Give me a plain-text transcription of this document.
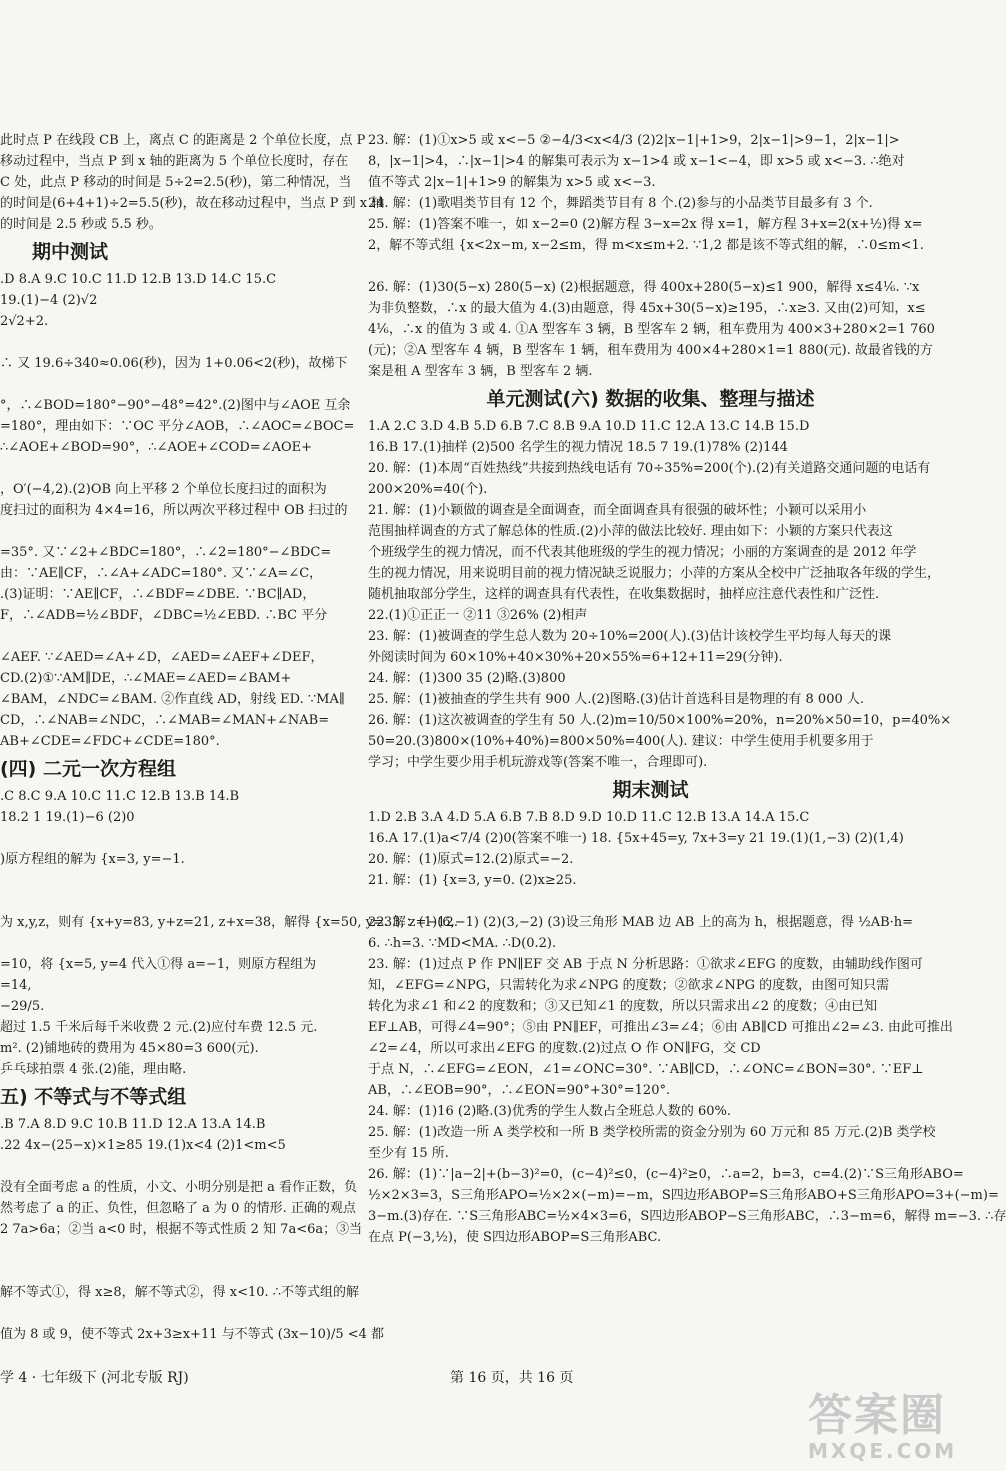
此时点 P 在线段 CB 上，离点 C 的距离是 2 个单位长度，点 P
移动过程中，当点 P 到 x 轴的距离为 5 个单位长度时，存在
C 处，此点 P 移动的时间是 5÷2=2.5(秒)，第二种情况，当
的时间是(6+4+1)÷2=5.5(秒)，故在移动过程中，当点 P 到 x 轴
的时间是 2.5 秒或 5.5 秒。
期中测试
.D 8.A 9.C 10.C 11.D 12.B 13.D 14.C 15.C
19.(1)−4 (2)√2
2√2+2.

∴ 又 19.6÷340≈0.06(秒)，因为 1+0.06<2(秒)，故梯下

°，∴∠BOD=180°−90°−48°=42°.(2)图中与∠AOE 互余
=180°，理由如下：∵OC 平分∠AOB，∴∠AOC=∠BOC=
∴∠AOE+∠BOD=90°，∴∠AOE+∠COD=∠AOE+

，O′(−4,2).(2)OB 向上平移 2 个单位长度扫过的面积为
度扫过的面积为 4×4=16，所以两次平移过程中 OB 扫过的

=35°. 又∵∠2+∠BDC=180°，∴∠2=180°−∠BDC=
由：∵AE∥CF，∴∠A+∠ADC=180°. 又∵∠A=∠C，
.(3)证明：∵AE∥CF，∴∠BDF=∠DBE. ∵BC∥AD，
F，∴∠ADB=½∠BDF，∠DBC=½∠EBD. ∴BC 平分

∠AEF. ∵∠AED=∠A+∠D，∠AED=∠AEF+∠DEF，
CD.(2)①∵AM∥DE，∴∠MAE=∠AED=∠BAM+
∠BAM，∠NDC=∠BAM. ②作直线 AD，射线 ED. ∵MA∥
CD，∴∠NAB=∠NDC，∴∠MAB=∠MAN+∠NAB=
AB+∠CDE=∠FDC+∠CDE=180°.
(四) 二元一次方程组
.C 8.C 9.A 10.C 11.C 12.B 13.B 14.B
18.2 1 19.(1)−6 (2)0

)原方程组的解为 {x=3, y=−1.

为 x,y,z，则有 {x+y=83, y+z=21, z+x=38，解得 {x=50, y=33, z=−12.

=10，将 {x=5, y=4 代入①得 a=−1，则原方程组为
=14,
−29/5.
超过 1.5 千米后每千米收费 2 元.(2)应付车费 12.5 元.
m². (2)铺地砖的费用为 45×80=3 600(元).
乒乓球拍票 4 张.(2)能，理由略.
五) 不等式与不等式组
.B 7.A 8.D 9.C 10.B 11.D 12.A 13.A 14.B
.22 4x−(25−x)×1≥85 19.(1)x<4 (2)1<m<5

没有全面考虑 a 的性质，小文、小明分别是把 a 看作正数，负
然考虑了 a 的正、负性，但忽略了 a 为 0 的情形. 正确的观点
2 7a>6a；②当 a<0 时，根据不等式性质 2 知 7a<6a；③当

解不等式①，得 x≥8，解不等式②，得 x<10. ∴不等式组的解

值为 8 或 9，使不等式 2x+3≥x+11 与不等式 (3x−10)/5 <4 都
23. 解：(1)①x>5 或 x<−5 ②−4/3<x<4/3 (2)2|x−1|+1>9，2|x−1|>9−1，2|x−1|>
8，|x−1|>4，∴|x−1|>4 的解集可表示为 x−1>4 或 x−1<−4，即 x>5 或 x<−3. ∴绝对
值不等式 2|x−1|+1>9 的解集为 x>5 或 x<−3.
24. 解：(1)歌唱类节目有 12 个，舞蹈类节目有 8 个.(2)参与的小品类节目最多有 3 个.
25. 解：(1)答案不唯一，如 x−2=0 (2)解方程 3−x=2x 得 x=1，解方程 3+x=2(x+½)得 x=
2，解不等式组 {x<2x−m, x−2≤m，得 m<x≤m+2. ∵1,2 都是该不等式组的解，∴0≤m<1.

26. 解：(1)30(5−x) 280(5−x) (2)根据题意，得 400x+280(5−x)≤1 900，解得 x≤4⅙. ∵x
为非负整数，∴x 的最大值为 4.(3)由题意，得 45x+30(5−x)≥195，∴x≥3. 又由(2)可知，x≤
4⅙，∴x 的值为 3 或 4. ①A 型客车 3 辆，B 型客车 2 辆，租车费用为 400×3+280×2=1 760
(元)；②A 型客车 4 辆，B 型客车 1 辆，租车费用为 400×4+280×1=1 880(元). 故最省钱的方
案是租 A 型客车 3 辆，B 型客车 2 辆.
单元测试(六) 数据的收集、整理与描述
1.A 2.C 3.D 4.B 5.D 6.B 7.C 8.B 9.A 10.D 11.C 12.A 13.C 14.B 15.D
16.B 17.(1)抽样 (2)500 名学生的视力情况 18.5 7 19.(1)78% (2)144
20. 解：(1)本周“百姓热线”共接到热线电话有 70÷35%=200(个).(2)有关道路交通问题的电话有
200×20%=40(个).
21. 解：(1)小颖做的调查是全面调查，而全面调查具有很强的破坏性；小颖可以采用小
范围抽样调查的方式了解总体的性质.(2)小萍的做法比较好. 理由如下：小颖的方案只代表这
个班级学生的视力情况，而不代表其他班级的学生的视力情况；小丽的方案调查的是 2012 年学
生的视力情况，用来说明目前的视力情况缺乏说服力；小萍的方案从全校中广泛抽取各年级的学生，
随机抽取部分学生，这样的调查具有代表性，在收集数据时，抽样应注意代表性和广泛性.
22.(1)①正正一 ②11 ③26% (2)相声
23. 解：(1)被调查的学生总人数为 20÷10%=200(人).(3)估计该校学生平均每人每天的课
外阅读时间为 60×10%+40×30%+20×55%=6+12+11=29(分钟).
24. 解：(1)300 35 (2)略.(3)800
25. 解：(1)被抽查的学生共有 900 人.(2)图略.(3)估计首选科目是物理的有 8 000 人.
26. 解：(1)这次被调查的学生有 50 人.(2)m=10/50×100%=20%，n=20%×50=10，p=40%×
50=20.(3)800×(10%+40%)=800×50%=400(人). 建议：中学生使用手机要多用于
学习；中学生要少用手机玩游戏等(答案不唯一，合理即可).
期末测试
1.D 2.B 3.A 4.D 5.A 6.B 7.B 8.D 9.D 10.D 11.C 12.B 13.A 14.A 15.C
16.A 17.(1)a<7/4 (2)0(答案不唯一) 18. {5x+45=y, 7x+3=y 21 19.(1)(1,−3) (2)(1,4)
20. 解：(1)原式=12.(2)原式=−2.
21. 解：(1) {x=3, y=0. (2)x≥25.

22. 解：(1)(6,−1) (2)(3,−2) (3)设三角形 MAB 边 AB 上的高为 h，根据题意，得 ½AB·h=
6. ∴h=3. ∵MD<MA. ∴D(0.2).
23. 解：(1)过点 P 作 PN∥EF 交 AB 于点 N 分析思路：①欲求∠EFG 的度数，由辅助线作图可
知，∠EFG=∠NPG，只需转化为求∠NPG 的度数；②欲求∠NPG 的度数，由图可知只需
转化为求∠1 和∠2 的度数和；③又已知∠1 的度数，所以只需求出∠2 的度数；④由已知
EF⊥AB，可得∠4=90°；⑤由 PN∥EF，可推出∠3=∠4；⑥由 AB∥CD 可推出∠2=∠3. 由此可推出
∠2=∠4，所以可求出∠EFG 的度数.(2)过点 O 作 ON∥FG，交 CD
于点 N，∴∠EFG=∠EON，∠1=∠ONC=30°. ∵AB∥CD，∴∠ONC=∠BON=30°. ∵EF⊥
AB，∴∠EOB=90°，∴∠EON=90°+30°=120°.
24. 解：(1)16 (2)略.(3)优秀的学生人数占全班总人数的 60%.
25. 解：(1)改造一所 A 类学校和一所 B 类学校所需的资金分别为 60 万元和 85 万元.(2)B 类学校
至少有 15 所.
26. 解：(1)∵|a−2|+(b−3)²=0，(c−4)²≤0，(c−4)²≥0，∴a=2，b=3，c=4.(2)∵S三角形ABO=
½×2×3=3，S三角形APO=½×2×(−m)=−m，S四边形ABOP=S三角形ABO+S三角形APO=3+(−m)=
3−m.(3)存在. ∵S三角形ABC=½×4×3=6，S四边形ABOP−S三角形ABC，∴3−m=6，解得 m=−3. ∴存
在点 P(−3,½)，使 S四边形ABOP=S三角形ABC.
学 4 · 七年级下 (河北专版 RJ)	第 16 页，共 16 页
答案圈
MXQE.COM
